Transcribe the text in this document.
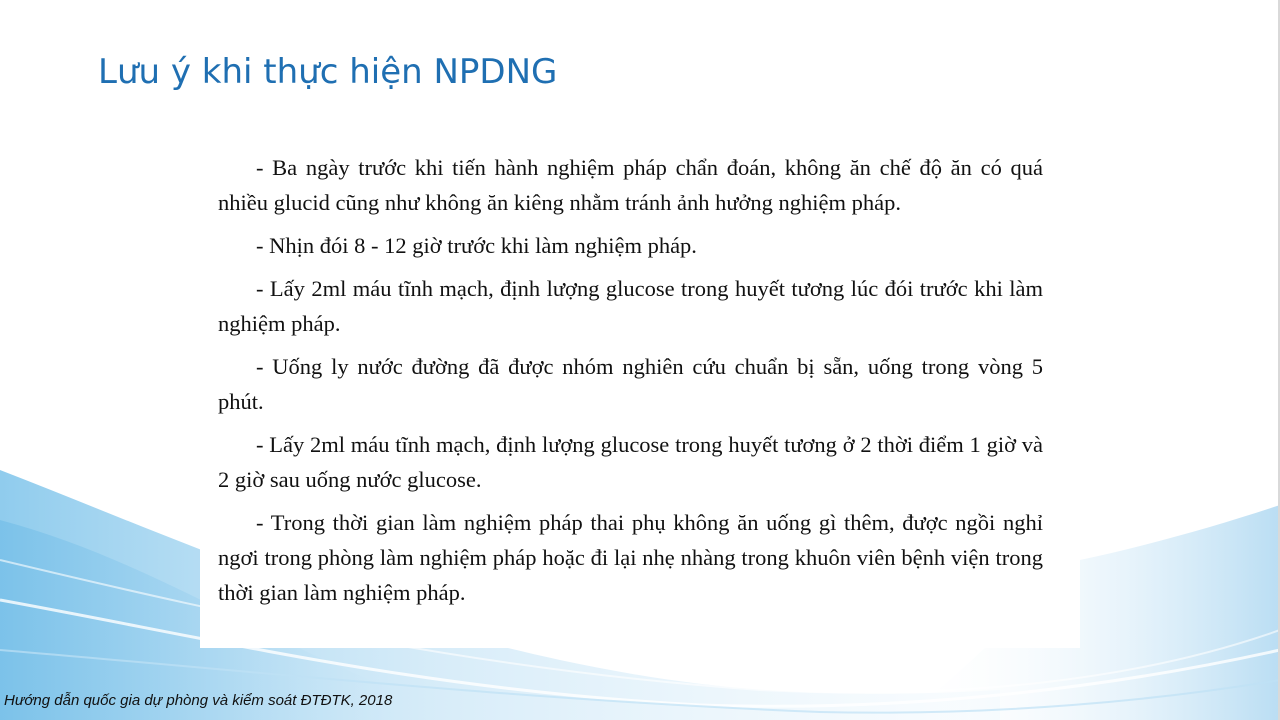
Lưu ý khi thực hiện NPDNG

- Ba ngày trước khi tiến hành nghiệm pháp chẩn đoán, không ăn chế độ ăn có quá nhiều glucid cũng như không ăn kiêng nhằm tránh ảnh hưởng nghiệm pháp.

- Nhịn đói 8 - 12 giờ trước khi làm nghiệm pháp.

- Lấy 2ml máu tĩnh mạch, định lượng glucose trong huyết tương lúc đói trước khi làm nghiệm pháp.

- Uống ly nước đường đã được nhóm nghiên cứu chuẩn bị sẵn, uống trong vòng 5 phút.

- Lấy 2ml máu tĩnh mạch, định lượng glucose trong huyết tương ở 2 thời điểm 1 giờ và 2 giờ sau uống nước glucose.

- Trong thời gian làm nghiệm pháp thai phụ không ăn uống gì thêm, được ngồi nghỉ ngơi trong phòng làm nghiệm pháp hoặc đi lại nhẹ nhàng trong khuôn viên bệnh viện trong thời gian làm nghiệm pháp.

Hướng dẫn quốc gia dự phòng và kiểm soát ĐTĐTK, 2018
